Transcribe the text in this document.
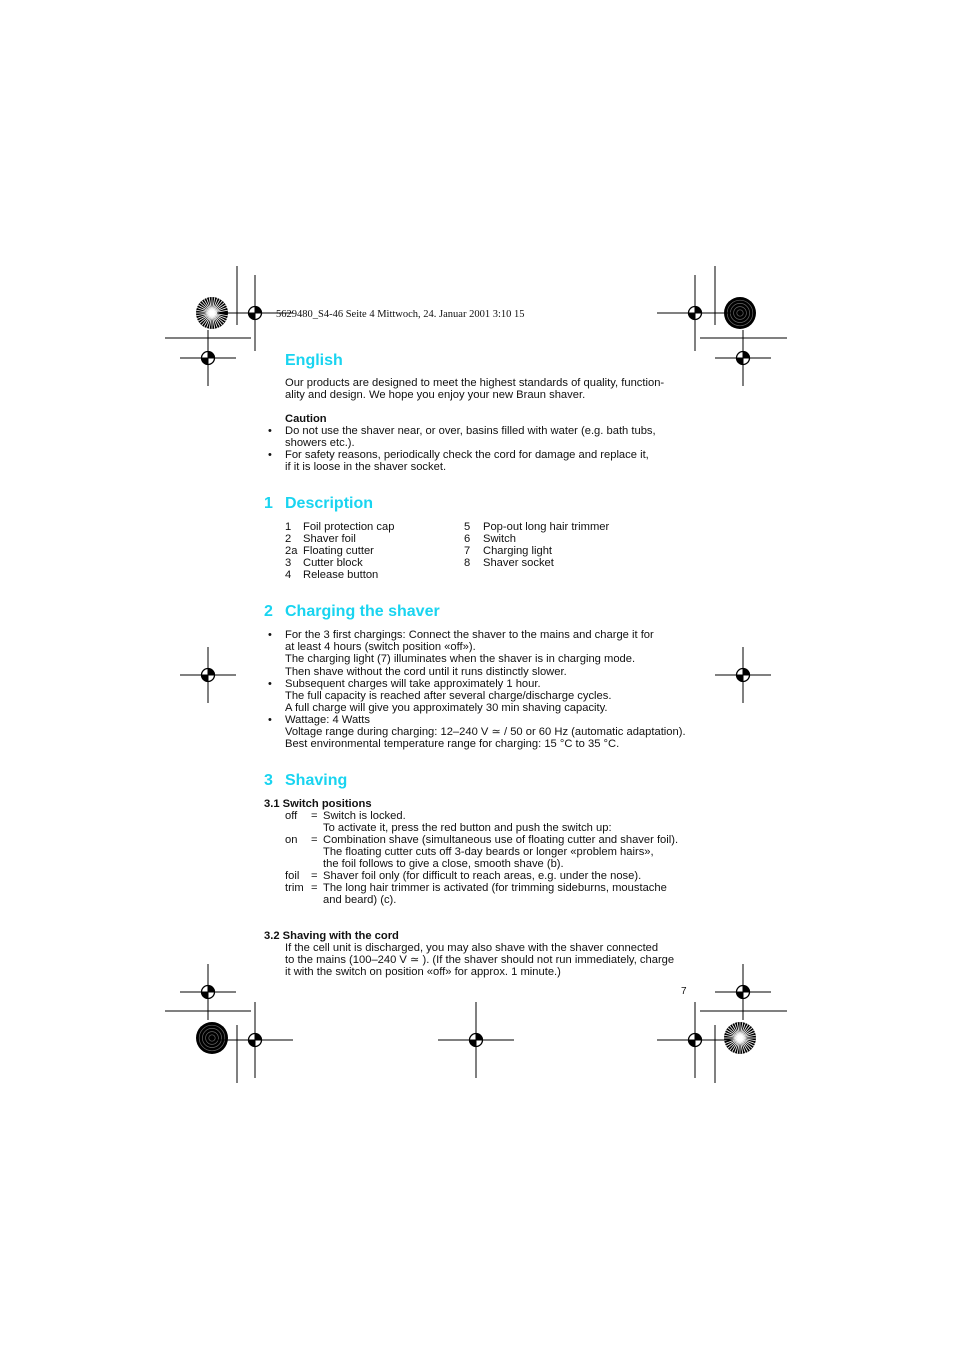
5629480_S4-46 Seite 4 Mittwoch, 24. Januar 2001 3:10 15
English
Our products are designed to meet the highest standards of quality, function-
ality and design. We hope you enjoy your new Braun shaver.
Caution
• Do not use the shaver near, or over, basins filled with water (e.g. bath tubs,
showers etc.).
• For safety reasons, periodically check the cord for damage and replace it,
if it is loose in the shaver socket.
1 Description
1 Foil protection cap
2 Shaver foil
2a Floating cutter
3 Cutter block
4 Release button
5 Pop-out long hair trimmer
6 Switch
7 Charging light
8 Shaver socket
2 Charging the shaver
• For the 3 first chargings: Connect the shaver to the mains and charge it for
at least 4 hours (switch position «off»).
The charging light (7) illuminates when the shaver is in charging mode.
Then shave without the cord until it runs distinctly slower.
• Subsequent charges will take approximately 1 hour.
The full capacity is reached after several charge/discharge cycles.
A full charge will give you approximately 30 min shaving capacity.
• Wattage: 4 Watts
Voltage range during charging: 12–240 V ≃ / 50 or 60 Hz (automatic adaptation).
Best environmental temperature range for charging: 15 °C to 35 °C.
3 Shaving
3.1 Switch positions
off = Switch is locked.
To activate it, press the red button and push the switch up:
on = Combination shave (simultaneous use of floating cutter and shaver foil).
The floating cutter cuts off 3-day beards or longer «problem hairs»,
the foil follows to give a close, smooth shave (b).
foil = Shaver foil only (for difficult to reach areas, e.g. under the nose).
trim = The long hair trimmer is activated (for trimming sideburns, moustache
and beard) (c).
3.2 Shaving with the cord
If the cell unit is discharged, you may also shave with the shaver connected
to the mains (100–240 V ≃ ). (If the shaver should not run immediately, charge
it with the switch on position «off» for approx. 1 minute.)
7
